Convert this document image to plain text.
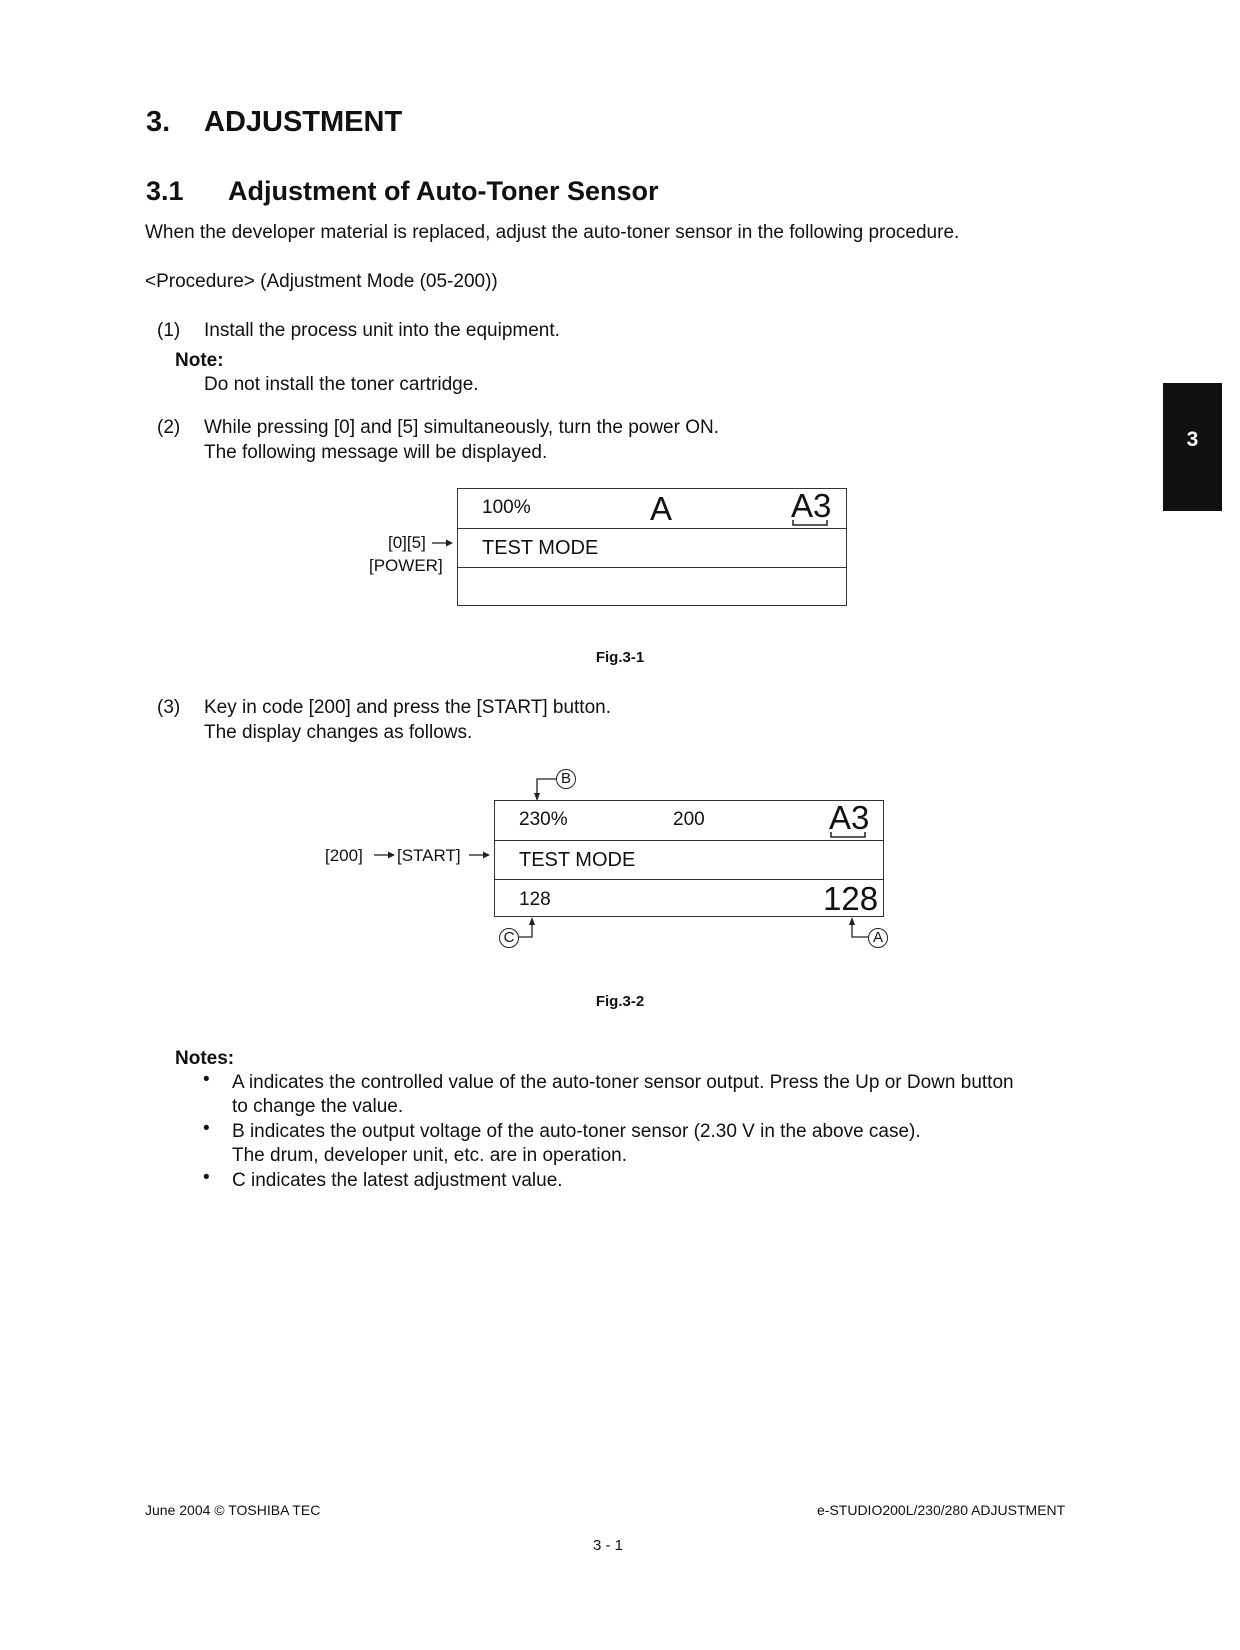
3. ADJUSTMENT
3.1 Adjustment of Auto-Toner Sensor
When the developer material is replaced, adjust the auto-toner sensor in the following procedure.
<Procedure> (Adjustment Mode (05-200))
(1) Install the process unit into the equipment.
Note:
Do not install the toner cartridge.
(2) While pressing [0] and [5] simultaneously, turn the power ON.
The following message will be displayed.
[0][5]
[POWER]
100%	A	A3
TEST MODE
Fig.3-1
(3) Key in code [200] and press the [START] button.
The display changes as follows.
B
[200] [START]
230%	200	A3
TEST MODE
128	128
C	A
Fig.3-2
Notes:
• A indicates the controlled value of the auto-toner sensor output. Press the Up or Down button
to change the value.
• B indicates the output voltage of the auto-toner sensor (2.30 V in the above case).
The drum, developer unit, etc. are in operation.
• C indicates the latest adjustment value.
3
June 2004 © TOSHIBA TEC	e-STUDIO200L/230/280 ADJUSTMENT
3 - 1
